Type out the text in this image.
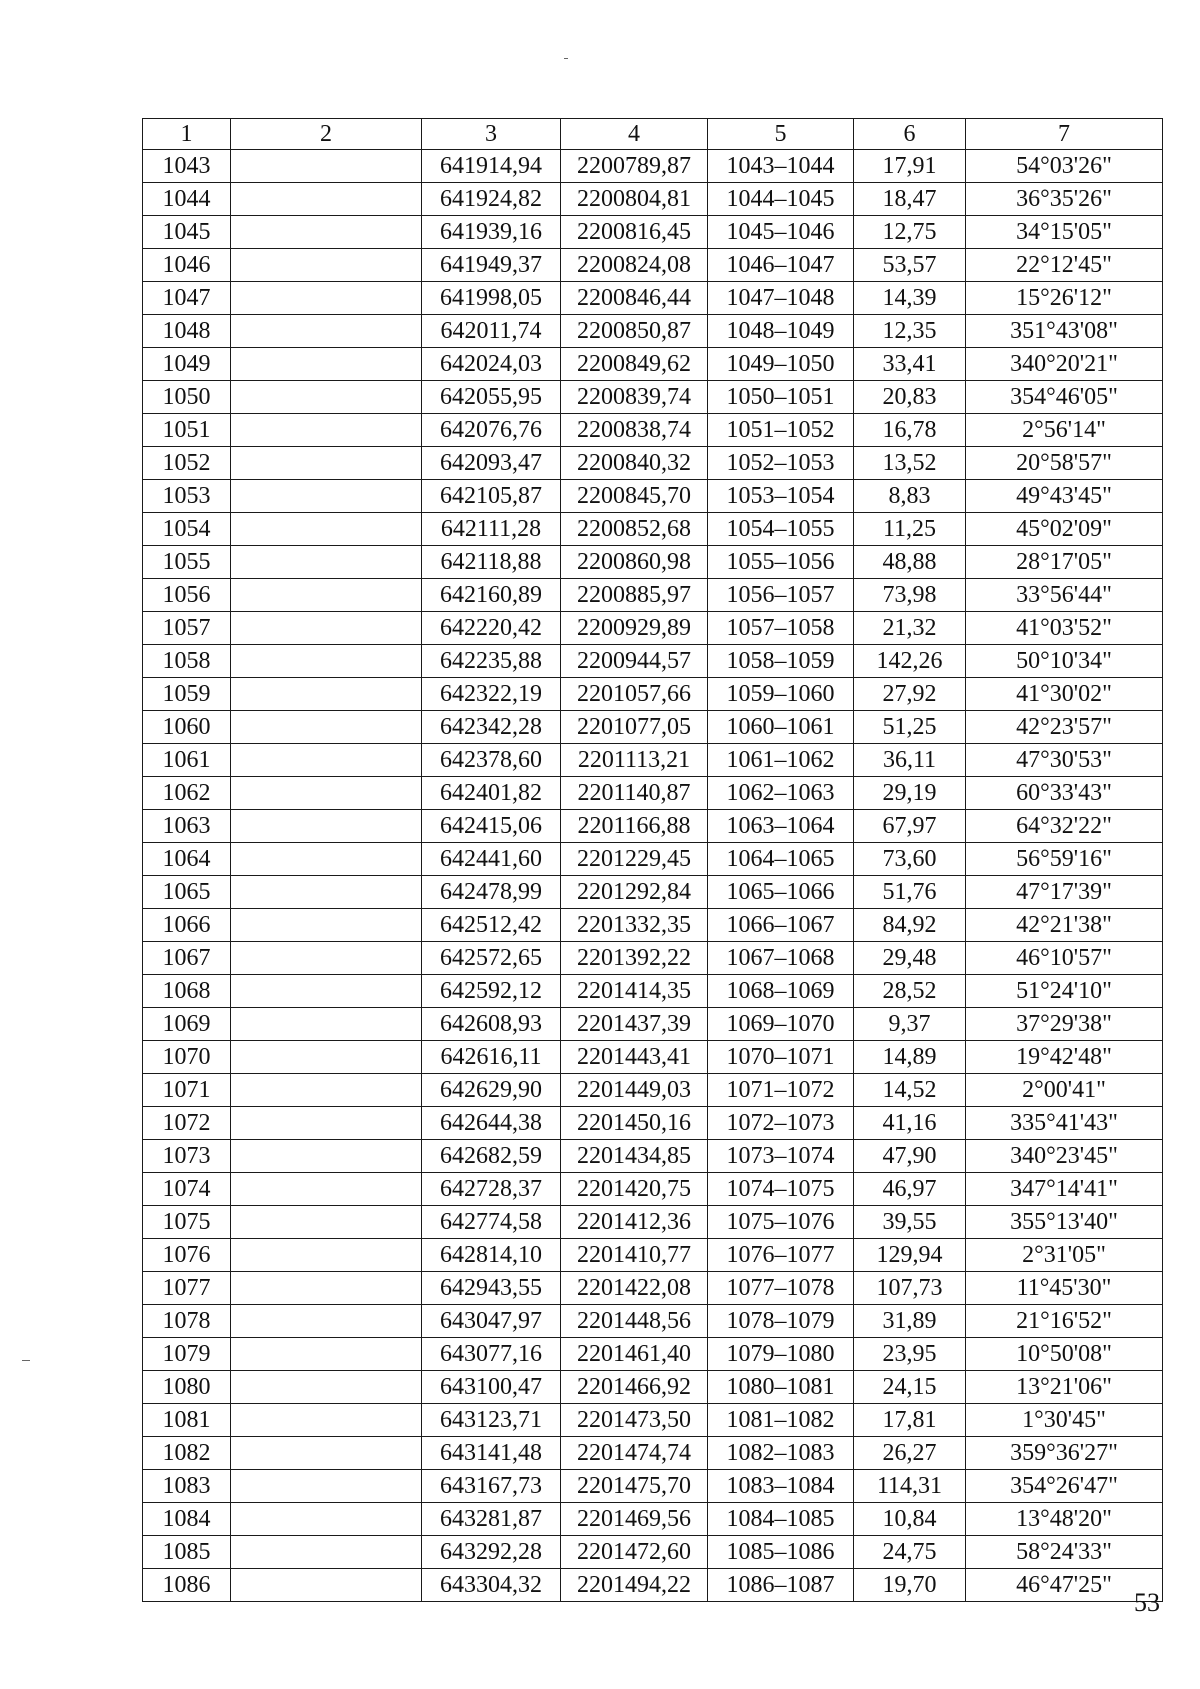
1	2	3	4	5	6	7
1043		641914,94	2200789,87	1043–1044	17,91	54°03'26"
1044		641924,82	2200804,81	1044–1045	18,47	36°35'26"
1045		641939,16	2200816,45	1045–1046	12,75	34°15'05"
1046		641949,37	2200824,08	1046–1047	53,57	22°12'45"
1047		641998,05	2200846,44	1047–1048	14,39	15°26'12"
1048		642011,74	2200850,87	1048–1049	12,35	351°43'08"
1049		642024,03	2200849,62	1049–1050	33,41	340°20'21"
1050		642055,95	2200839,74	1050–1051	20,83	354°46'05"
1051		642076,76	2200838,74	1051–1052	16,78	2°56'14"
1052		642093,47	2200840,32	1052–1053	13,52	20°58'57"
1053		642105,87	2200845,70	1053–1054	8,83	49°43'45"
1054		642111,28	2200852,68	1054–1055	11,25	45°02'09"
1055		642118,88	2200860,98	1055–1056	48,88	28°17'05"
1056		642160,89	2200885,97	1056–1057	73,98	33°56'44"
1057		642220,42	2200929,89	1057–1058	21,32	41°03'52"
1058		642235,88	2200944,57	1058–1059	142,26	50°10'34"
1059		642322,19	2201057,66	1059–1060	27,92	41°30'02"
1060		642342,28	2201077,05	1060–1061	51,25	42°23'57"
1061		642378,60	2201113,21	1061–1062	36,11	47°30'53"
1062		642401,82	2201140,87	1062–1063	29,19	60°33'43"
1063		642415,06	2201166,88	1063–1064	67,97	64°32'22"
1064		642441,60	2201229,45	1064–1065	73,60	56°59'16"
1065		642478,99	2201292,84	1065–1066	51,76	47°17'39"
1066		642512,42	2201332,35	1066–1067	84,92	42°21'38"
1067		642572,65	2201392,22	1067–1068	29,48	46°10'57"
1068		642592,12	2201414,35	1068–1069	28,52	51°24'10"
1069		642608,93	2201437,39	1069–1070	9,37	37°29'38"
1070		642616,11	2201443,41	1070–1071	14,89	19°42'48"
1071		642629,90	2201449,03	1071–1072	14,52	2°00'41"
1072		642644,38	2201450,16	1072–1073	41,16	335°41'43"
1073		642682,59	2201434,85	1073–1074	47,90	340°23'45"
1074		642728,37	2201420,75	1074–1075	46,97	347°14'41"
1075		642774,58	2201412,36	1075–1076	39,55	355°13'40"
1076		642814,10	2201410,77	1076–1077	129,94	2°31'05"
1077		642943,55	2201422,08	1077–1078	107,73	11°45'30"
1078		643047,97	2201448,56	1078–1079	31,89	21°16'52"
1079		643077,16	2201461,40	1079–1080	23,95	10°50'08"
1080		643100,47	2201466,92	1080–1081	24,15	13°21'06"
1081		643123,71	2201473,50	1081–1082	17,81	1°30'45"
1082		643141,48	2201474,74	1082–1083	26,27	359°36'27"
1083		643167,73	2201475,70	1083–1084	114,31	354°26'47"
1084		643281,87	2201469,56	1084–1085	10,84	13°48'20"
1085		643292,28	2201472,60	1085–1086	24,75	58°24'33"
1086		643304,32	2201494,22	1086–1087	19,70	46°47'25"
53
